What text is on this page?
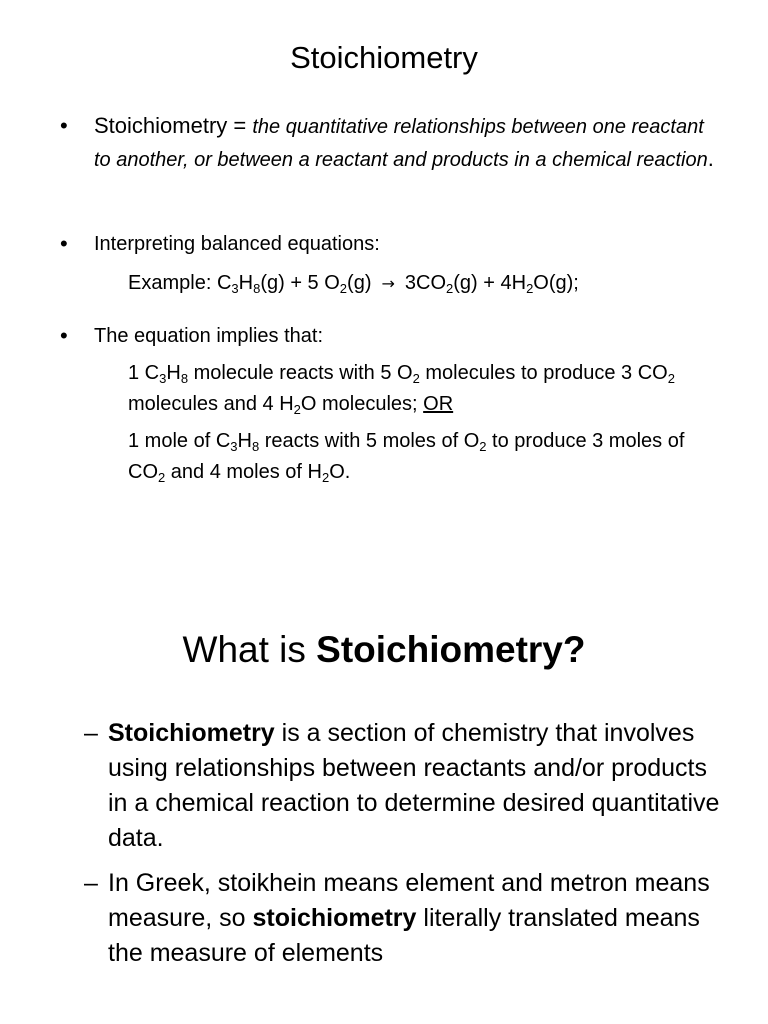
Stoichiometry
• Stoichiometry = the quantitative relationships between one reactant to another, or between a reactant and products in a chemical reaction.
• Interpreting balanced equations:
Example: $C_3H_8(g) + 5$ $O_2(g) \to 3CO_2(g) + 4H_2O(g)$;
• The equation implies that:
1 $C_3H_8$ molecule reacts with 5 $O_2$ molecules to produce 3 $CO_2$ molecules and 4 $H_2O$ molecules; OR
1 mole of $C_3H_8$ reacts with 5 moles of $O_2$ to produce 3 moles of $CO_2$ and 4 moles of $H_2O$.
What is Stoichiometry?
– Stoichiometry is a section of chemistry that involves using relationships between reactants and/or products in a chemical reaction to determine desired quantitative data.
– In Greek, stoikhein means element and metron means measure, so stoichiometry literally translated means the measure of elements
